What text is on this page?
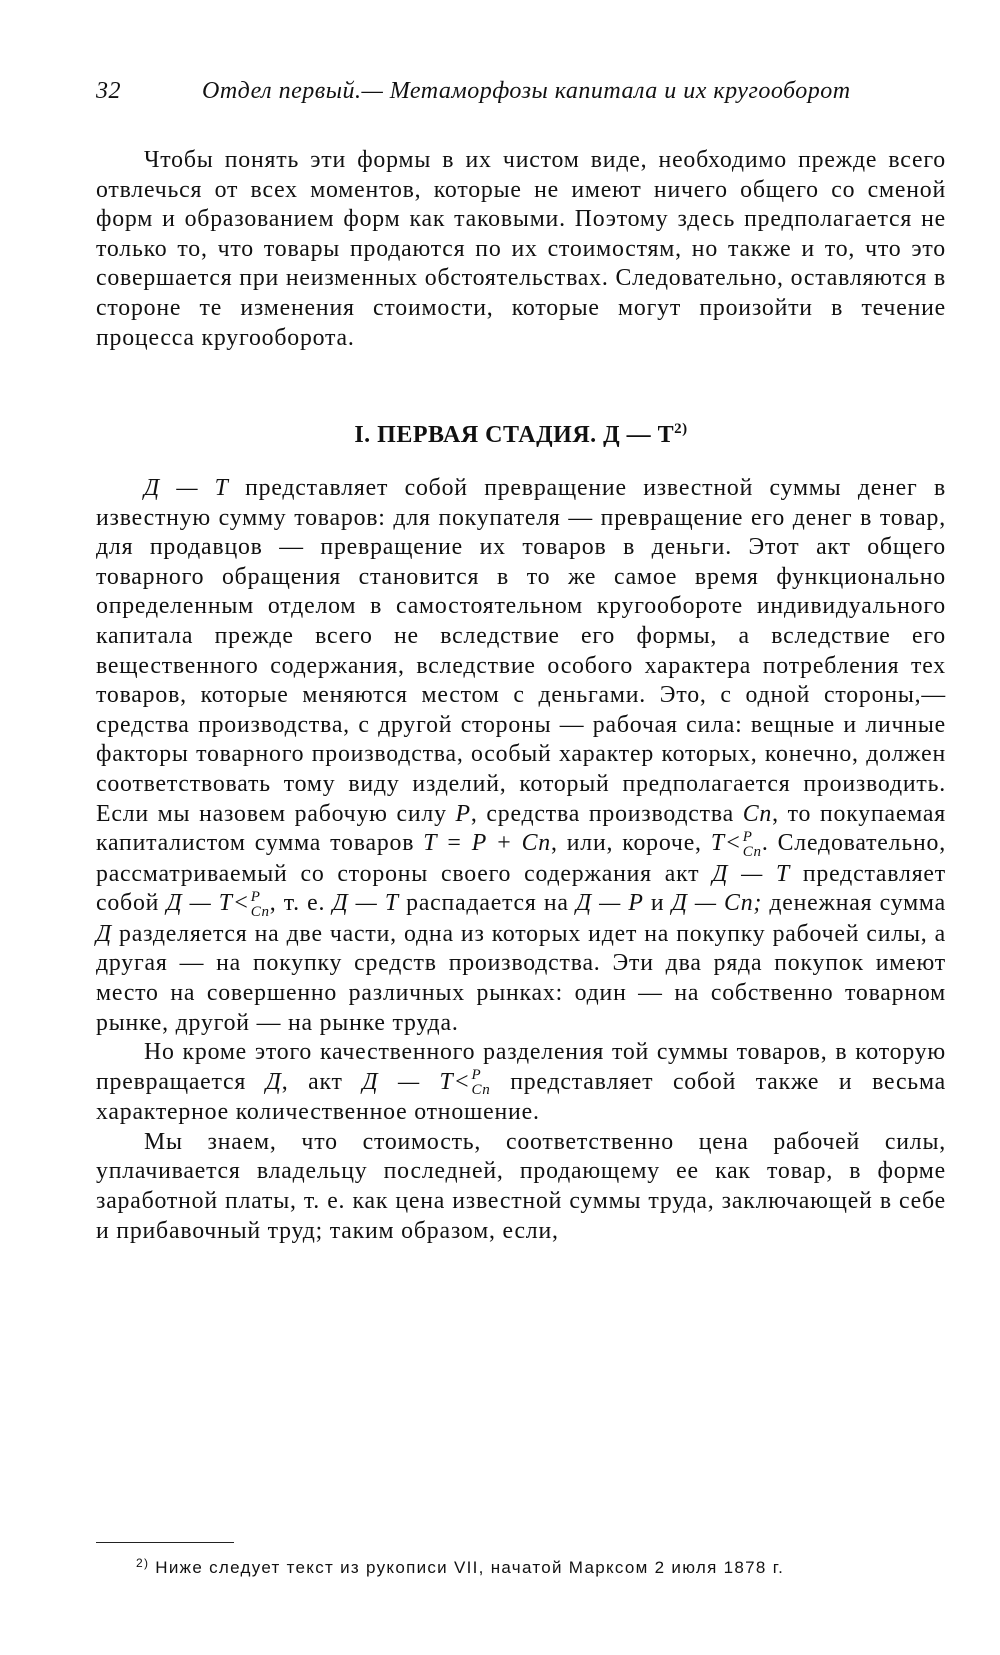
32	Отдел первый.— Метаморфозы капитала и их кругооборот

Чтобы понять эти формы в их чистом виде, необходимо прежде всего отвлечься от всех моментов, которые не имеют ничего общего со сменой форм и образованием форм как таковыми. Поэтому здесь предполагается не только то, что товары продаются по их стоимостям, но также и то, что это совершается при неизменных обстоятельствах. Следовательно, оставляются в стороне те изменения стоимости, которые могут произойти в течение процесса кругооборота.

I. ПЕРВАЯ СТАДИЯ. Д — $Т^{2)}$

Д — Т представляет собой превращение известной суммы денег в известную сумму товаров: для покупателя — превращение его денег в товар, для продавцов — превращение их товаров в деньги. Этот акт общего товарного обращения становится в то же самое время функционально определенным отделом в самостоятельном кругообороте индивидуального капитала прежде всего не вследствие его формы, а вследствие его вещественного содержания, вследствие особого характера потребления тех товаров, которые меняются местом с деньгами. Это, с одной стороны,— средства производства, с другой стороны — рабочая сила: вещные и личные факторы товарного производства, особый характер которых, конечно, должен соответствовать тому виду изделий, который предполагается производить. Если мы назовем рабочую силу P, средства производства Cn, то покупаемая капиталистом сумма товаров T = P + Cn, или, короче, T< P
Cn . Следовательно, рассматриваемый со стороны своего содержания акт Д — Т представляет собой Д — T< P
Cn , т. е. Д — Т распадается на Д — Р и Д — Сn; денежная сумма Д разделяется на две части, одна из которых идет на покупку рабочей силы, а другая — на покупку средств производства. Эти два ряда покупок имеют место на совершенно различных рынках: один — на собственно товарном рынке, другой — на рынке труда.

Но кроме этого качественного разделения той суммы товаров, в которую превращается Д, акт Д — T< P
Cn представляет собой также и весьма характерное количественное отношение.

Мы знаем, что стоимость, соответственно цена рабочей силы, уплачивается владельцу последней, продающему ее как товар, в форме заработной платы, т. е. как цена известной суммы труда, заключающей в себе и прибавочный труд; таким образом, если,

$^{2)}$ Ниже следует текст из рукописи VII, начатой Марксом 2 июля 1878 г.
